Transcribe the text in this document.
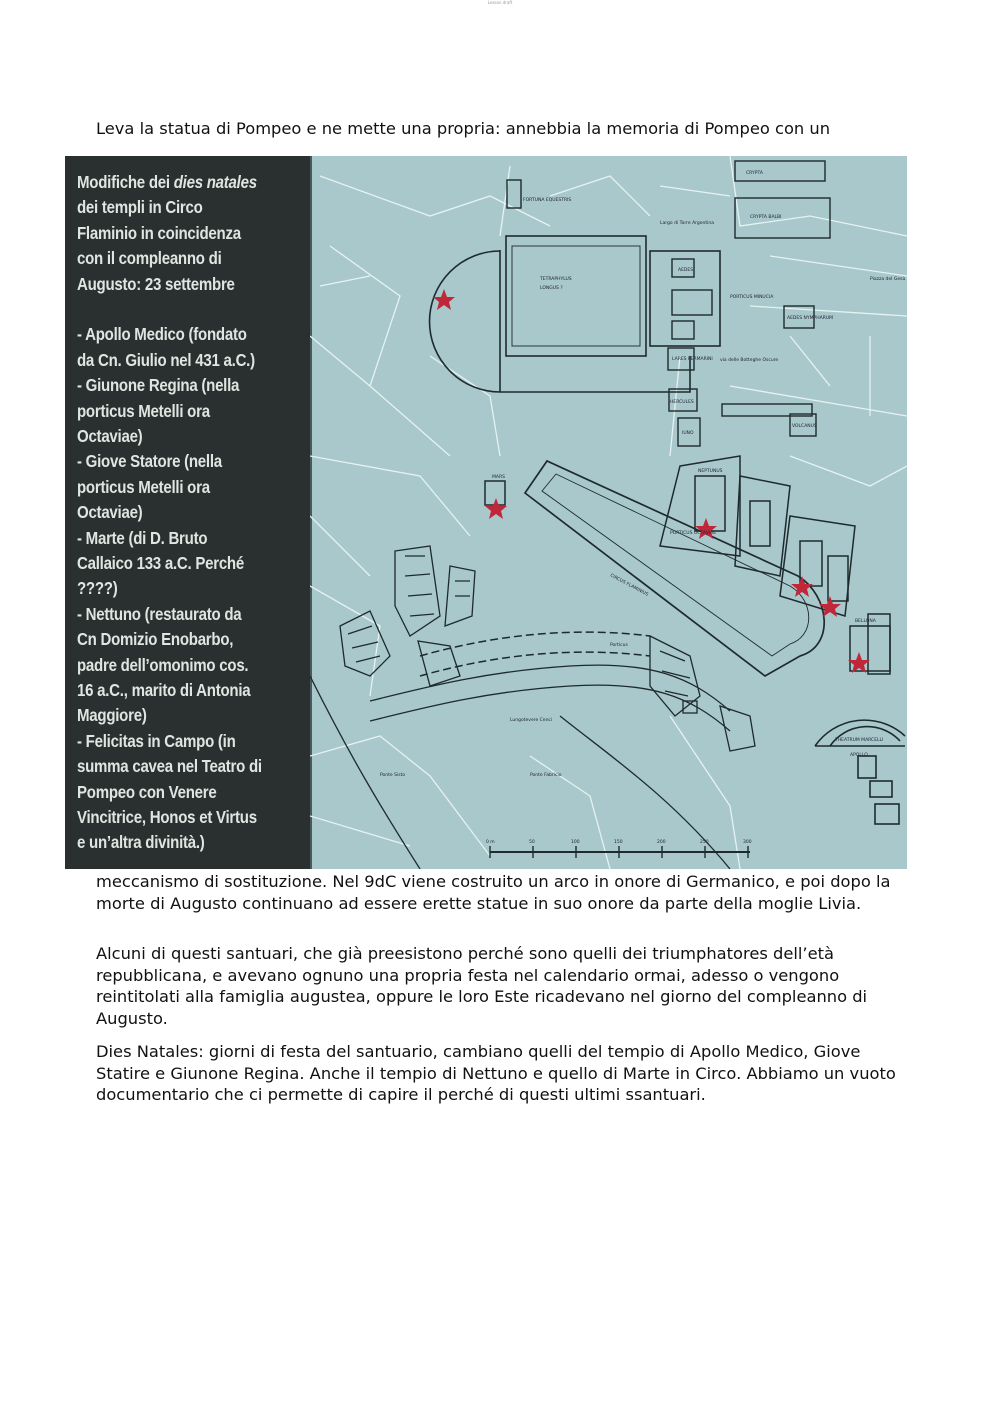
Lesson draft

Leva la statua di Pompeo e ne mette una propria: annebbia la memoria di Pompeo con un

Modifiche dei dies natales
dei templi in Circo
Flaminio in coincidenza
con il compleanno di
Augusto: 23 settembre
- Apollo Medico (fondato
da Cn. Giulio nel 431 a.C.)
- Giunone Regina (nella
porticus Metelli ora
Octaviae)
- Giove Statore (nella
porticus Metelli ora
Octaviae)
- Marte (di D. Bruto
Callaico 133 a.C. Perché
????)
- Nettuno (restaurato da
Cn Domizio Enobarbo,
padre dell’omonimo cos.
16 a.C., marito di Antonia
Maggiore)
- Felicitas in Campo (in
summa cavea nel Teatro di
Pompeo con Venere
Vincitrice, Honos et Virtus
e un’altra divinità.)
FORTUNA EQUESTRIS
CRYPTA
CRYPTA BALBI
Largo di Torre Argentina
TETRAPHYLUS
LONGUS ?
AEDES
PORTICUS MINUCIA
LARES PERMARINI
AEDES NYMPHARUM
Piazza del Gesù
via delle Botteghe Oscure
HERCULES
IUNO
VOLCANUS
CIRCUS FLAMINIUS
PORTICUS OCTAVIAE
THEATRUM MARCELLI
APOLLO
Lungotevere Cenci
Ponte Fabricio
Ponte Sisto
MARS
NEPTUNUS
BELLONA
Porticus
0 m	50	100	150	200	250	300

meccanismo di sostituzione. Nel 9dC viene costruito un arco in onore di Germanico, e poi dopo la morte di Augusto continuano ad essere erette statue in suo onore da parte della moglie Livia.

Alcuni di questi santuari, che già preesistono perché sono quelli dei triumphatores dell’età repubblicana, e avevano ognuno una propria festa nel calendario ormai, adesso o vengono reintitolati alla famiglia augustea, oppure le loro Este ricadevano nel giorno del compleanno di Augusto.

Dies Natales: giorni di festa del santuario, cambiano quelli del tempio di Apollo Medico, Giove Statire e Giunone Regina. Anche il tempio di Nettuno e quello di Marte in Circo. Abbiamo un vuoto documentario che ci permette di capire il perché di questi ultimi ssantuari.
